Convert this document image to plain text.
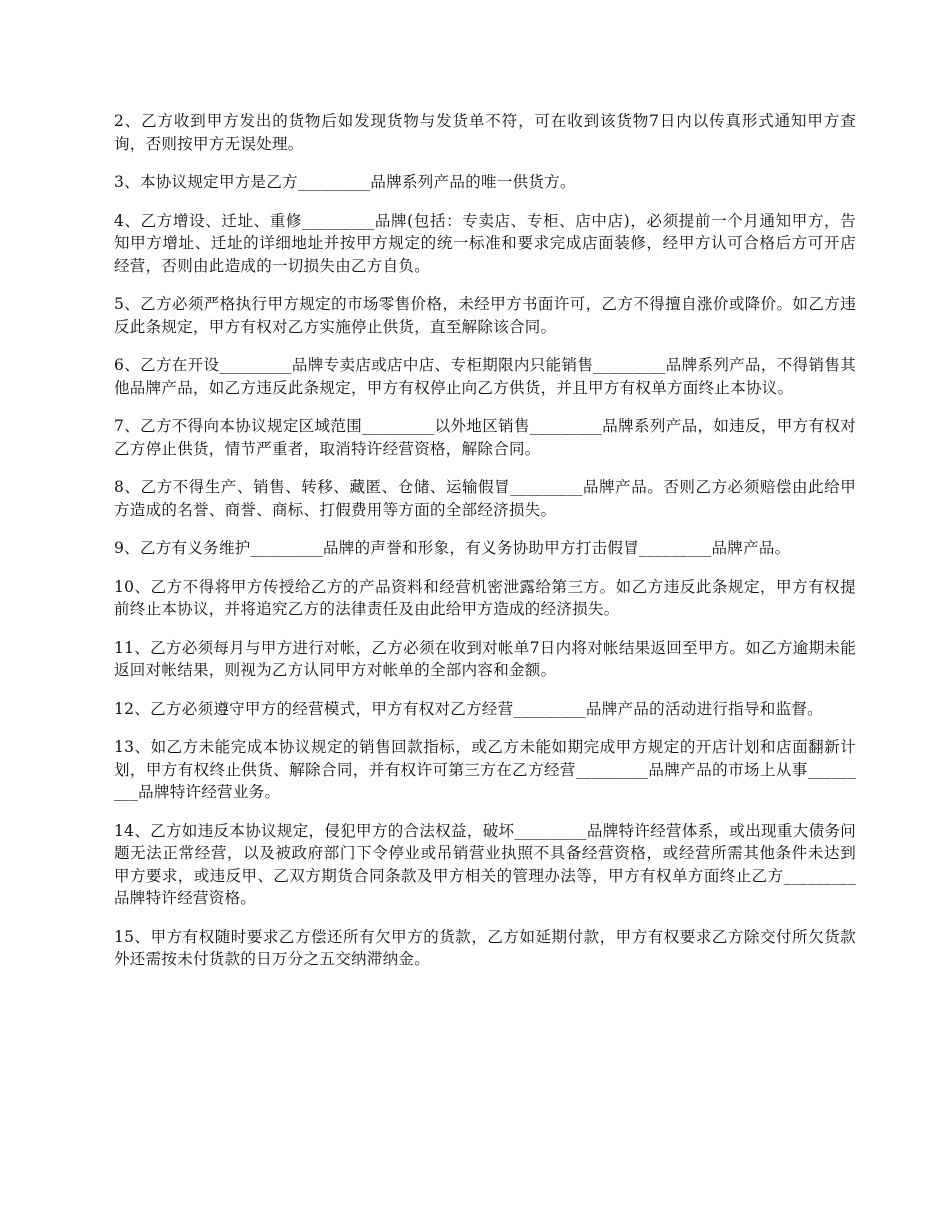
2、乙方收到甲方发出的货物后如发现货物与发货单不符，可在收到该货物7日内以传真形式通知甲方查询，否则按甲方无误处理。

3、本协议规定甲方是乙方_________品牌系列产品的唯一供货方。

4、乙方增设、迁址、重修_________品牌(包括：专卖店、专柜、店中店)，必须提前一个月通知甲方，告知甲方增址、迁址的详细地址并按甲方规定的统一标准和要求完成店面装修，经甲方认可合格后方可开店经营，否则由此造成的一切损失由乙方自负。

5、乙方必须严格执行甲方规定的市场零售价格，未经甲方书面许可，乙方不得擅自涨价或降价。如乙方违反此条规定，甲方有权对乙方实施停止供货，直至解除该合同。

6、乙方在开设_________品牌专卖店或店中店、专柜期限内只能销售_________品牌系列产品，不得销售其他品牌产品，如乙方违反此条规定，甲方有权停止向乙方供货，并且甲方有权单方面终止本协议。

7、乙方不得向本协议规定区域范围_________以外地区销售_________品牌系列产品，如违反，甲方有权对乙方停止供货，情节严重者，取消特许经营资格，解除合同。

8、乙方不得生产、销售、转移、藏匿、仓储、运输假冒_________品牌产品。否则乙方必须赔偿由此给甲方造成的名誉、商誉、商标、打假费用等方面的全部经济损失。

9、乙方有义务维护_________品牌的声誉和形象，有义务协助甲方打击假冒_________品牌产品。

10、乙方不得将甲方传授给乙方的产品资料和经营机密泄露给第三方。如乙方违反此条规定，甲方有权提前终止本协议，并将追究乙方的法律责任及由此给甲方造成的经济损失。

11、乙方必须每月与甲方进行对帐，乙方必须在收到对帐单7日内将对帐结果返回至甲方。如乙方逾期未能返回对帐结果，则视为乙方认同甲方对帐单的全部内容和金额。

12、乙方必须遵守甲方的经营模式，甲方有权对乙方经营_________品牌产品的活动进行指导和监督。

13、如乙方未能完成本协议规定的销售回款指标，或乙方未能如期完成甲方规定的开店计划和店面翻新计划，甲方有权终止供货、解除合同，并有权许可第三方在乙方经营_________品牌产品的市场上从事_________品牌特许经营业务。

14、乙方如违反本协议规定，侵犯甲方的合法权益，破坏_________品牌特许经营体系，或出现重大债务问题无法正常经营，以及被政府部门下令停业或吊销营业执照不具备经营资格，或经营所需其他条件未达到甲方要求，或违反甲、乙双方期货合同条款及甲方相关的管理办法等，甲方有权单方面终止乙方_________品牌特许经营资格。

15、甲方有权随时要求乙方偿还所有欠甲方的货款，乙方如延期付款，甲方有权要求乙方除交付所欠货款外还需按未付货款的日万分之五交纳滞纳金。
